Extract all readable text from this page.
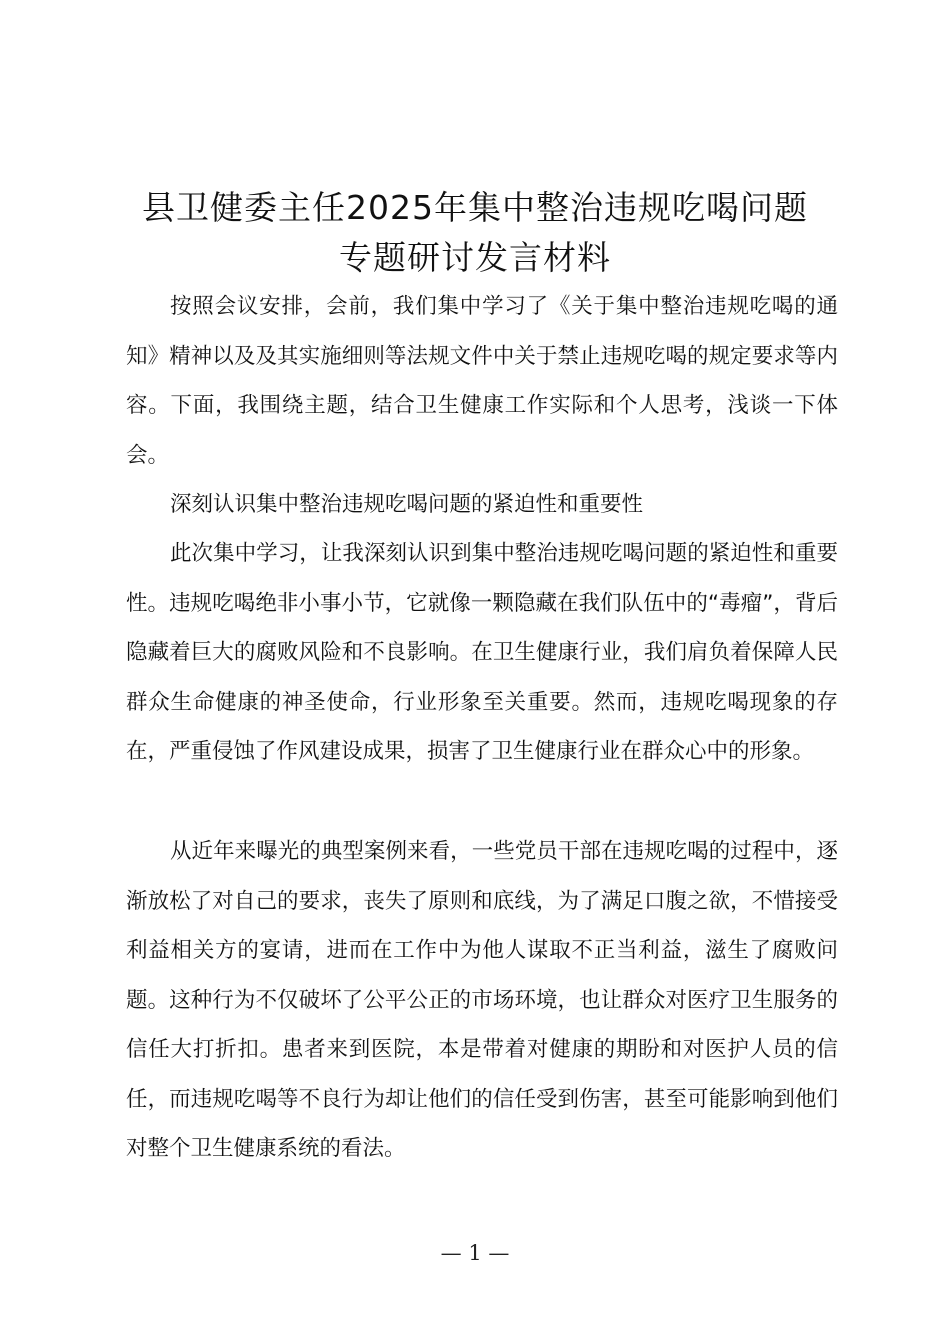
县卫健委主任2025年集中整治违规吃喝问题
专题研讨发言材料

按照会议安排，会前，我们集中学习了《关于集中整治违规吃喝的通知》精神以及及其实施细则等法规文件中关于禁止违规吃喝的规定要求等内容。下面，我围绕主题，结合卫生健康工作实际和个人思考，浅谈一下体会。

深刻认识集中整治违规吃喝问题的紧迫性和重要性

此次集中学习，让我深刻认识到集中整治违规吃喝问题的紧迫性和重要性。违规吃喝绝非小事小节，它就像一颗隐藏在我们队伍中的“毒瘤”，背后隐藏着巨大的腐败风险和不良影响。在卫生健康行业，我们肩负着保障人民群众生命健康的神圣使命，行业形象至关重要。然而，违规吃喝现象的存在，严重侵蚀了作风建设成果，损害了卫生健康行业在群众心中的形象。

从近年来曝光的典型案例来看，一些党员干部在违规吃喝的过程中，逐渐放松了对自己的要求，丧失了原则和底线，为了满足口腹之欲，不惜接受利益相关方的宴请，进而在工作中为他人谋取不正当利益，滋生了腐败问题。这种行为不仅破坏了公平公正的市场环境，也让群众对医疗卫生服务的信任大打折扣。患者来到医院，本是带着对健康的期盼和对医护人员的信任，而违规吃喝等不良行为却让他们的信任受到伤害，甚至可能影响到他们对整个卫生健康系统的看法。

— 1 —
